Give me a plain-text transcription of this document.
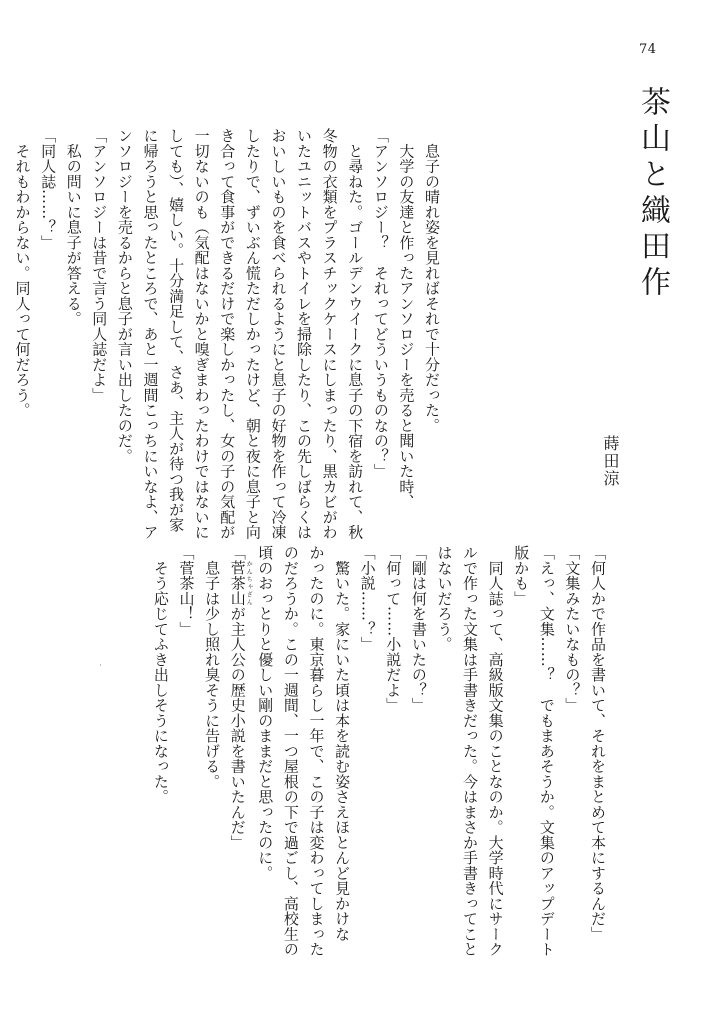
74
茶山と織田作
蒔田涼
　息子の晴れ姿を見ればそれで十分だった。
　大学の友達と作ったアンソロジーを売ると聞いた時、
「アンソロジー？　それってどういうものなの？」
　と尋ねた。ゴールデンウイークに息子の下宿を訪れて、秋
冬物の衣類をプラスチックケースにしまったり、黒カビがわ
いたユニットバスやトイレを掃除したり、この先しばらくは
おいしいものを食べられるようにと息子の好物を作って冷凍
したりで、ずいぶん慌ただしかったけど、朝と夜に息子と向
き合って食事ができるだけで楽しかったし、女の子の気配が
一切ないのも（気配はないかと嗅ぎまわったわけではないに
しても）、嬉しい。十分満足して、さあ、主人が待つ我が家
に帰ろうと思ったところで、あと一週間こっちにいなよ、ア
ンソロジーを売るからと息子が言い出したのだ。
「アンソロジーは昔で言う同人誌だよ」
　私の問いに息子が答える。
「同人誌……？」
　それもわからない。同人って何だろう。
「何人かで作品を書いて、それをまとめて本にするんだ」
「文集みたいなもの？」
「えっ、文集……？　でもまあそうか。文集のアップデート
版かも」
　同人誌って、高級版文集のことなのか。大学時代にサーク
ルで作った文集は手書きだった。今はまさか手書きってこと
はないだろう。
「剛は何を書いたの？」
「何って……小説だよ」
「小説……？」
　驚いた。家にいた頃は本を読む姿さえほとんど見かけな
かったのに。東京暮らし一年で、この子は変わってしまった
のだろうか。この一週間、一つ屋根の下で過ごし、高校生の
頃のおっとりと優しい剛のままだと思ったのに。
「菅茶山かんちゃざんが主人公の歴史小説を書いたんだ」
　息子は少し照れ臭そうに告げる。
「菅茶山！」
　そう応じてふき出しそうになった。
